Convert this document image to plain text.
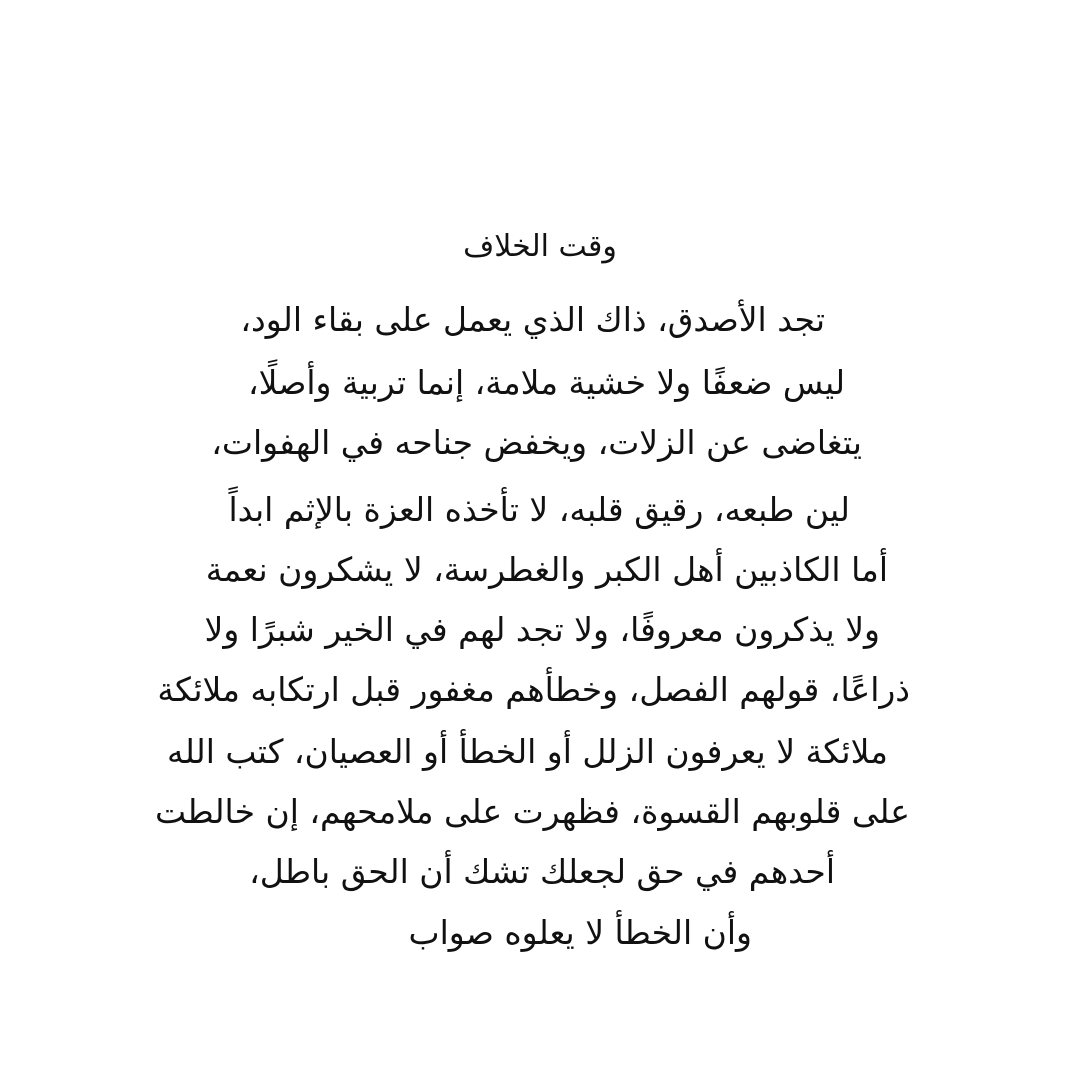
وقت الخلاف
تجد الأصدق، ذاك الذي يعمل على بقاء الود،
ليس ضعفًا ولا خشية ملامة، إنما تربية وأصلًا،
يتغاضى عن الزلات، ويخفض جناحه في الهفوات،
لين طبعه، رقيق قلبه، لا تأخذه العزة بالإثم ابداً
أما الكاذبين أهل الكبر والغطرسة، لا يشكرون نعمة
ولا يذكرون معروفًا، ولا تجد لهم في الخير شبرًا ولا
ذراعًا، قولهم الفصل، وخطأهم مغفور قبل ارتكابه ملائكة
ملائكة لا يعرفون الزلل أو الخطأ أو العصيان، كتب الله
على قلوبهم القسوة، فظهرت على ملامحهم، إن خالطت
أحدهم في حق لجعلك تشك أن الحق باطل،
وأن الخطأ لا يعلوه صواب
